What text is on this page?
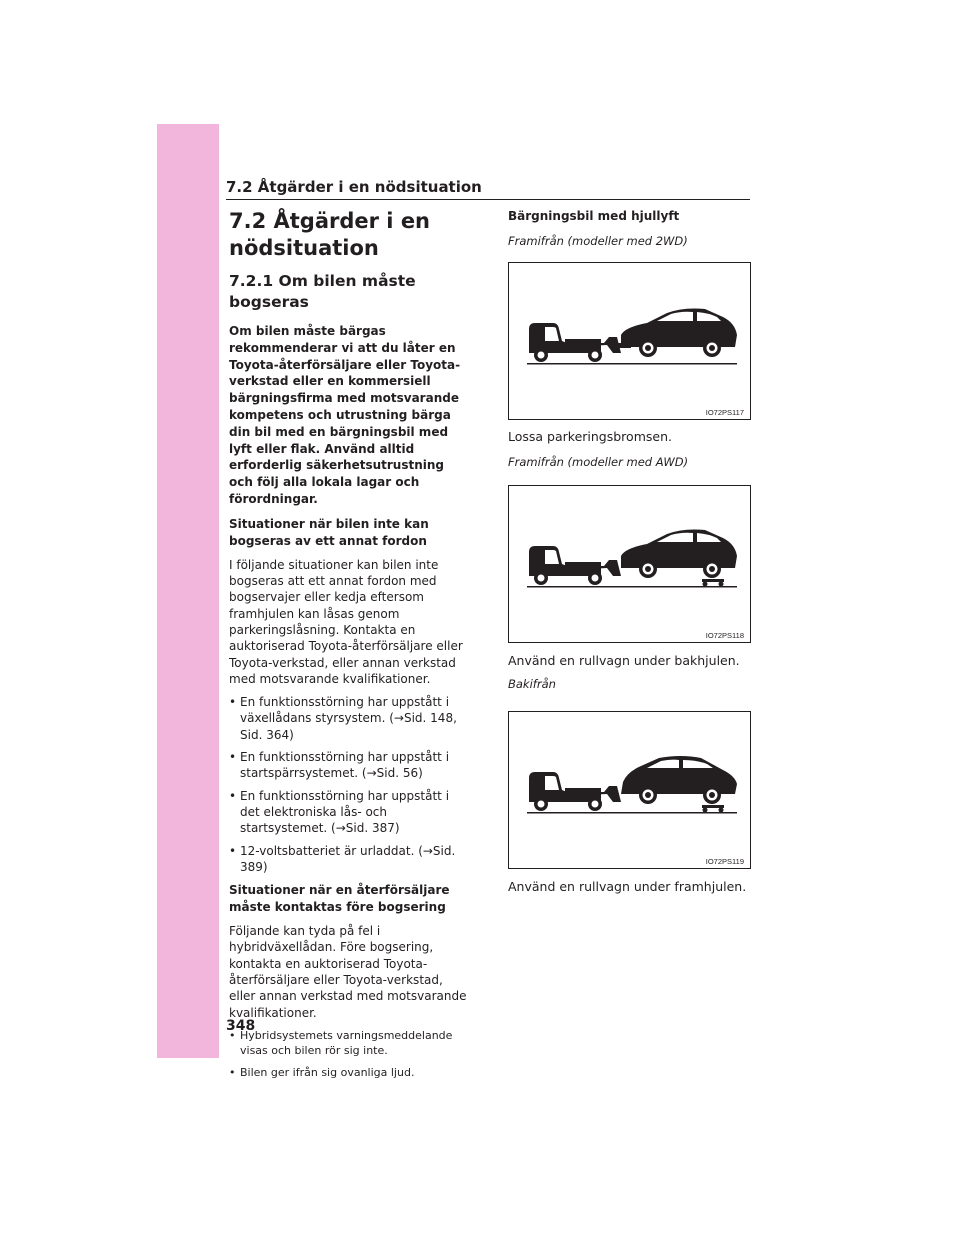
7.2 Åtgärder i en nödsituation
7.2 Åtgärder i en
nödsituation
7.2.1 Om bilen måste bogseras

Om bilen måste bärgas rekommenderar vi att du låter en Toyota-återförsäljare eller Toyota-verkstad eller en kommersiell bärgningsfirma med motsvarande kompetens och utrustning bärga din bil med en bärgningsbil med lyft eller flak. Använd alltid erforderlig säkerhetsutrustning och följ alla lokala lagar och förordningar.

Situationer när bilen inte kan bogseras av ett annat fordon

I följande situationer kan bilen inte bogseras att ett annat fordon med bogservajer eller kedja eftersom framhjulen kan låsas genom parkeringslåsning. Kontakta en auktoriserad Toyota-återförsäljare eller Toyota-verkstad, eller annan verkstad med motsvarande kvalifikationer.

• En funktionsstörning har uppstått i växellådans styrsystem. (→Sid. 148, Sid. 364)
• En funktionsstörning har uppstått i startspärrsystemet. (→Sid. 56)
• En funktionsstörning har uppstått i det elektroniska lås- och startsystemet. (→Sid. 387)
• 12-voltsbatteriet är urladdat. (→Sid. 389)

Situationer när en återförsäljare måste kontaktas före bogsering

Följande kan tyda på fel i hybridväxellådan. Före bogsering, kontakta en auktoriserad Toyota-återförsäljare eller Toyota-verkstad, eller annan verkstad med motsvarande kvalifikationer.

• Hybridsystemets varningsmeddelande visas och bilen rör sig inte.
• Bilen ger ifrån sig ovanliga ljud.

Bärgningsbil med hjullyft

Framifrån (modeller med 2WD)

IO72PS117

Lossa parkeringsbromsen.

Framifrån (modeller med AWD)

IO72PS118

Använd en rullvagn under bakhjulen.

Bakifrån

IO72PS119

Använd en rullvagn under framhjulen.

348
